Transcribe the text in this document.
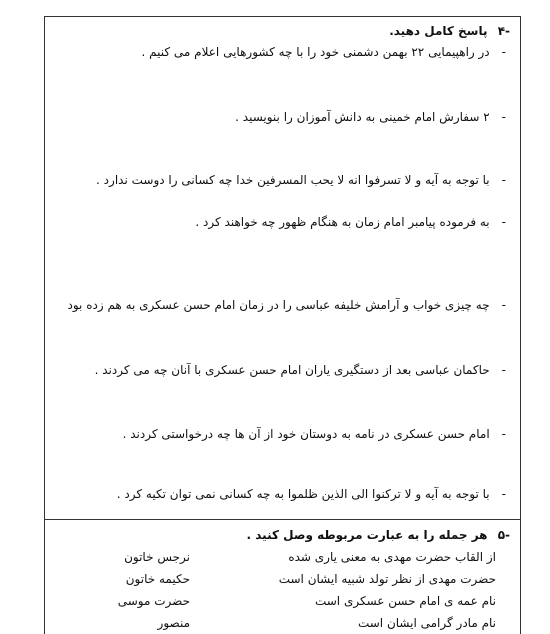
-۴ پاسخ کامل دهید.
-در راهپیمایی ۲۲ بهمن دشمنی خود را با چه کشورهایی اعلام می کنیم .
-۲ سفارش امام خمینی به دانش آموزان را بنویسید .
-با توجه به آیه و لا تسرفوا انه لا یحب المسرفین خدا چه کسانی را دوست ندارد .
-به فرموده پیامبر امام زمان به هنگام ظهور چه خواهند کرد .
-چه چیزی خواب و آرامش خلیفه عباسی را در زمان امام حسن عسکری به هم زده بود
-حاکمان عباسی بعد از دستگیری یاران امام حسن عسکری با آنان چه می کردند .
-امام حسن عسکری در نامه به دوستان خود از آن ها چه درخواستی کردند .
-با توجه به آیه و لا ترکنوا الی الذین ظلموا به چه کسانی نمی توان تکیه کرد .
-۵ هر جمله را به عبارت مربوطه وصل کنید .
از القاب حضرت مهدی به معنی یاری شده
حضرت مهدی از نظر تولد شبیه ایشان است
نام عمه ی امام حسن عسکری است
نام مادر گرامی ایشان است
نرجس خاتون
حکیمه خاتون
حضرت موسی
منصور
